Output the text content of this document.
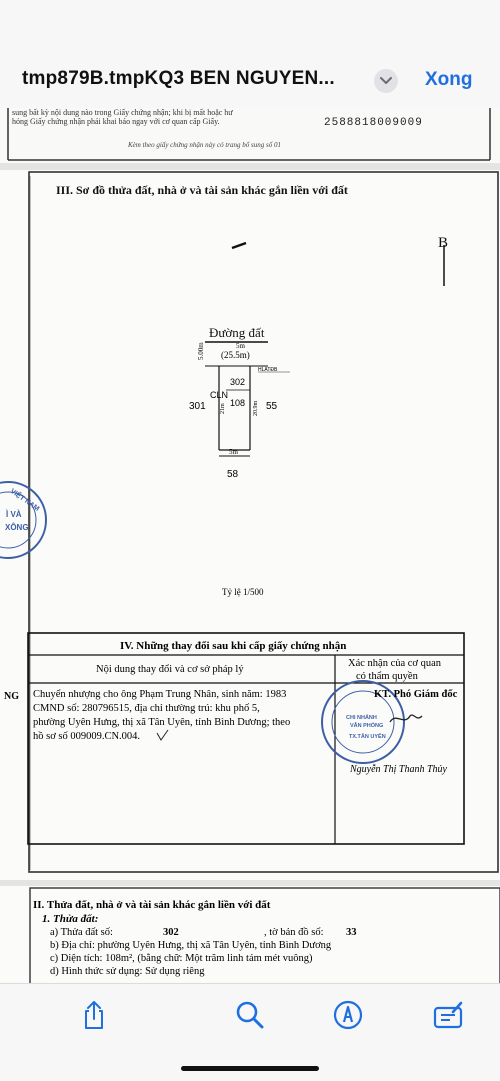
tmp879B.tmpKQ3 BEN NGUYEN...	Xong
sung bất kỳ nội dung nào trong Giấy chứng nhận; khi bị mất hoặc hư
hỏng Giấy chứng nhận phải khai báo ngay với cơ quan cấp Giấy.
Kèm theo giấy chứng nhận này có trang bổ sung số 01
2588818009009
III. Sơ đồ thửa đất, nhà ở và tài sản khác gắn liền với đất
B
Đường đất
5.00m	5m
(25.5m)
HLATĐB
302
CLN
108
21m	20.9m
301	55
5m
58
VIỆT NAM
Ì VÀ
XÔNG
Tỷ lệ 1/500
IV. Những thay đổi sau khi cấp giấy chứng nhận
Nội dung thay đổi và cơ sở pháp lý
Xác nhận của cơ quan
có thẩm quyền
NG Chuyển nhượng cho ông Phạm Trung Nhân, sinh năm: 1983
CMND số: 280796515, địa chỉ thường trú: khu phố 5,
phường Uyên Hưng, thị xã Tân Uyên, tỉnh Bình Dương; theo
hồ sơ số 009009.CN.004.
CHI NHÁNH
VĂN PHÒNG
TX.TÂN UYÊN
KT. Phó Giám đốc
Nguyễn Thị Thanh Thủy
II. Thửa đất, nhà ở và tài sản khác gắn liền với đất
1. Thửa đất:
a) Thửa đất số:	302	, tờ bản đồ số: 33
b) Địa chỉ: phường Uyên Hưng, thị xã Tân Uyên, tỉnh Bình Dương
c) Diện tích: 108m², (bằng chữ: Một trăm linh tám mét vuông)
d) Hình thức sử dụng: Sử dụng riêng
